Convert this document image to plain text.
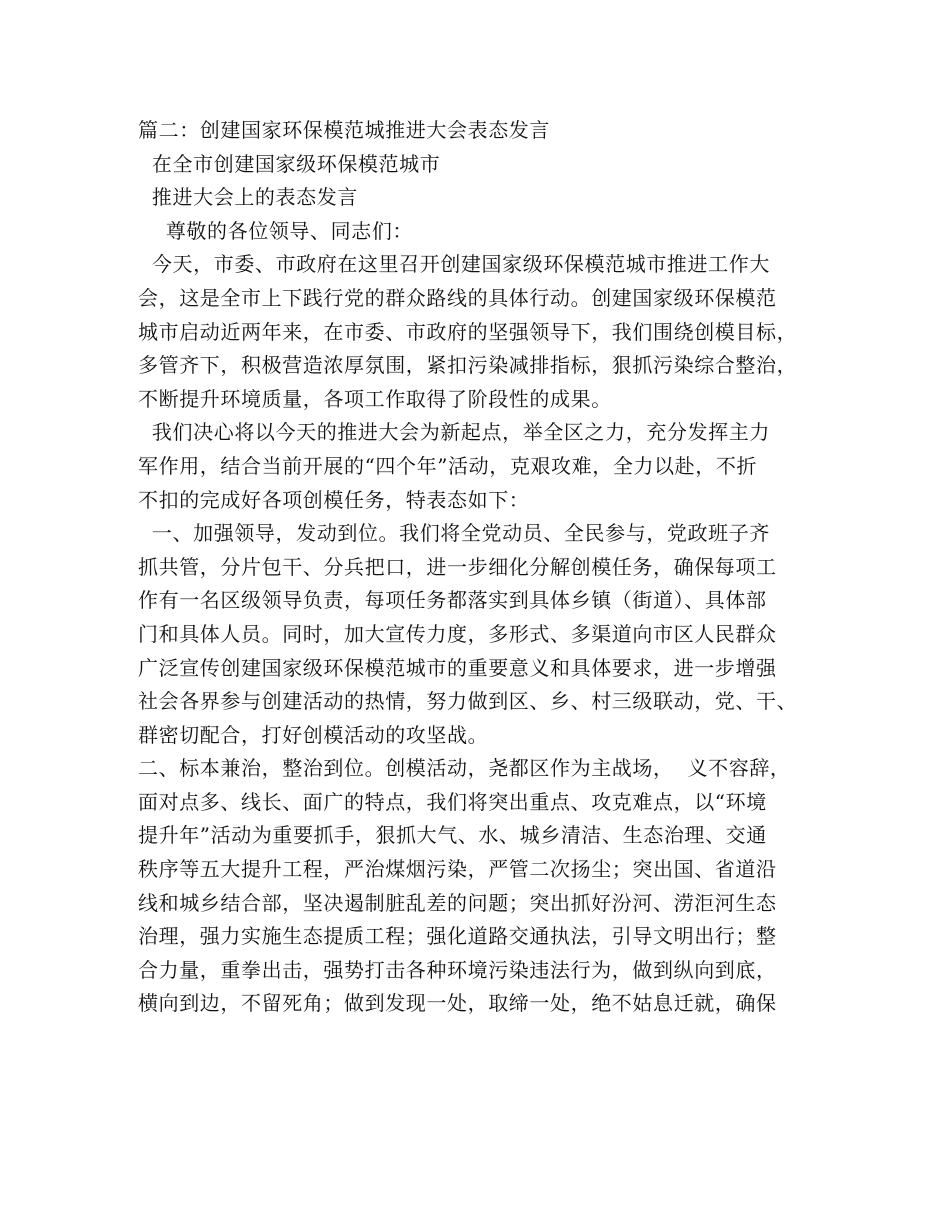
篇二：创建国家环保模范城推进大会表态发言
在全市创建国家级环保模范城市
推进大会上的表态发言
尊敬的各位领导、同志们：
今天，市委、市政府在这里召开创建国家级环保模范城市推进工作大
会，这是全市上下践行党的群众路线的具体行动。创建国家级环保模范
城市启动近两年来，在市委、市政府的坚强领导下，我们围绕创模目标，
多管齐下，积极营造浓厚氛围，紧扣污染减排指标，狠抓污染综合整治，
不断提升环境质量，各项工作取得了阶段性的成果。
我们决心将以今天的推进大会为新起点，举全区之力，充分发挥主力
军作用，结合当前开展的“四个年”活动，克艰攻难，全力以赴，不折
不扣的完成好各项创模任务，特表态如下：
一、加强领导，发动到位。我们将全党动员、全民参与，党政班子齐
抓共管，分片包干、分兵把口，进一步细化分解创模任务，确保每项工
作有一名区级领导负责，每项任务都落实到具体乡镇（街道）、具体部
门和具体人员。同时，加大宣传力度，多形式、多渠道向市区人民群众
广泛宣传创建国家级环保模范城市的重要意义和具体要求，进一步增强
社会各界参与创建活动的热情，努力做到区、乡、村三级联动，党、干、
群密切配合，打好创模活动的攻坚战。
二、标本兼治，整治到位。创模活动，尧都区作为主战场，  义不容辞，
面对点多、线长、面广的特点，我们将突出重点、攻克难点，以“环境
提升年”活动为重要抓手，狠抓大气、水、城乡清洁、生态治理、交通
秩序等五大提升工程，严治煤烟污染，严管二次扬尘；突出国、省道沿
线和城乡结合部，坚决遏制脏乱差的问题；突出抓好汾河、涝洰河生态
治理，强力实施生态提质工程；强化道路交通执法，引导文明出行；整
合力量，重拳出击，强势打击各种环境污染违法行为，做到纵向到底，
横向到边，不留死角；做到发现一处，取缔一处，绝不姑息迁就，确保
